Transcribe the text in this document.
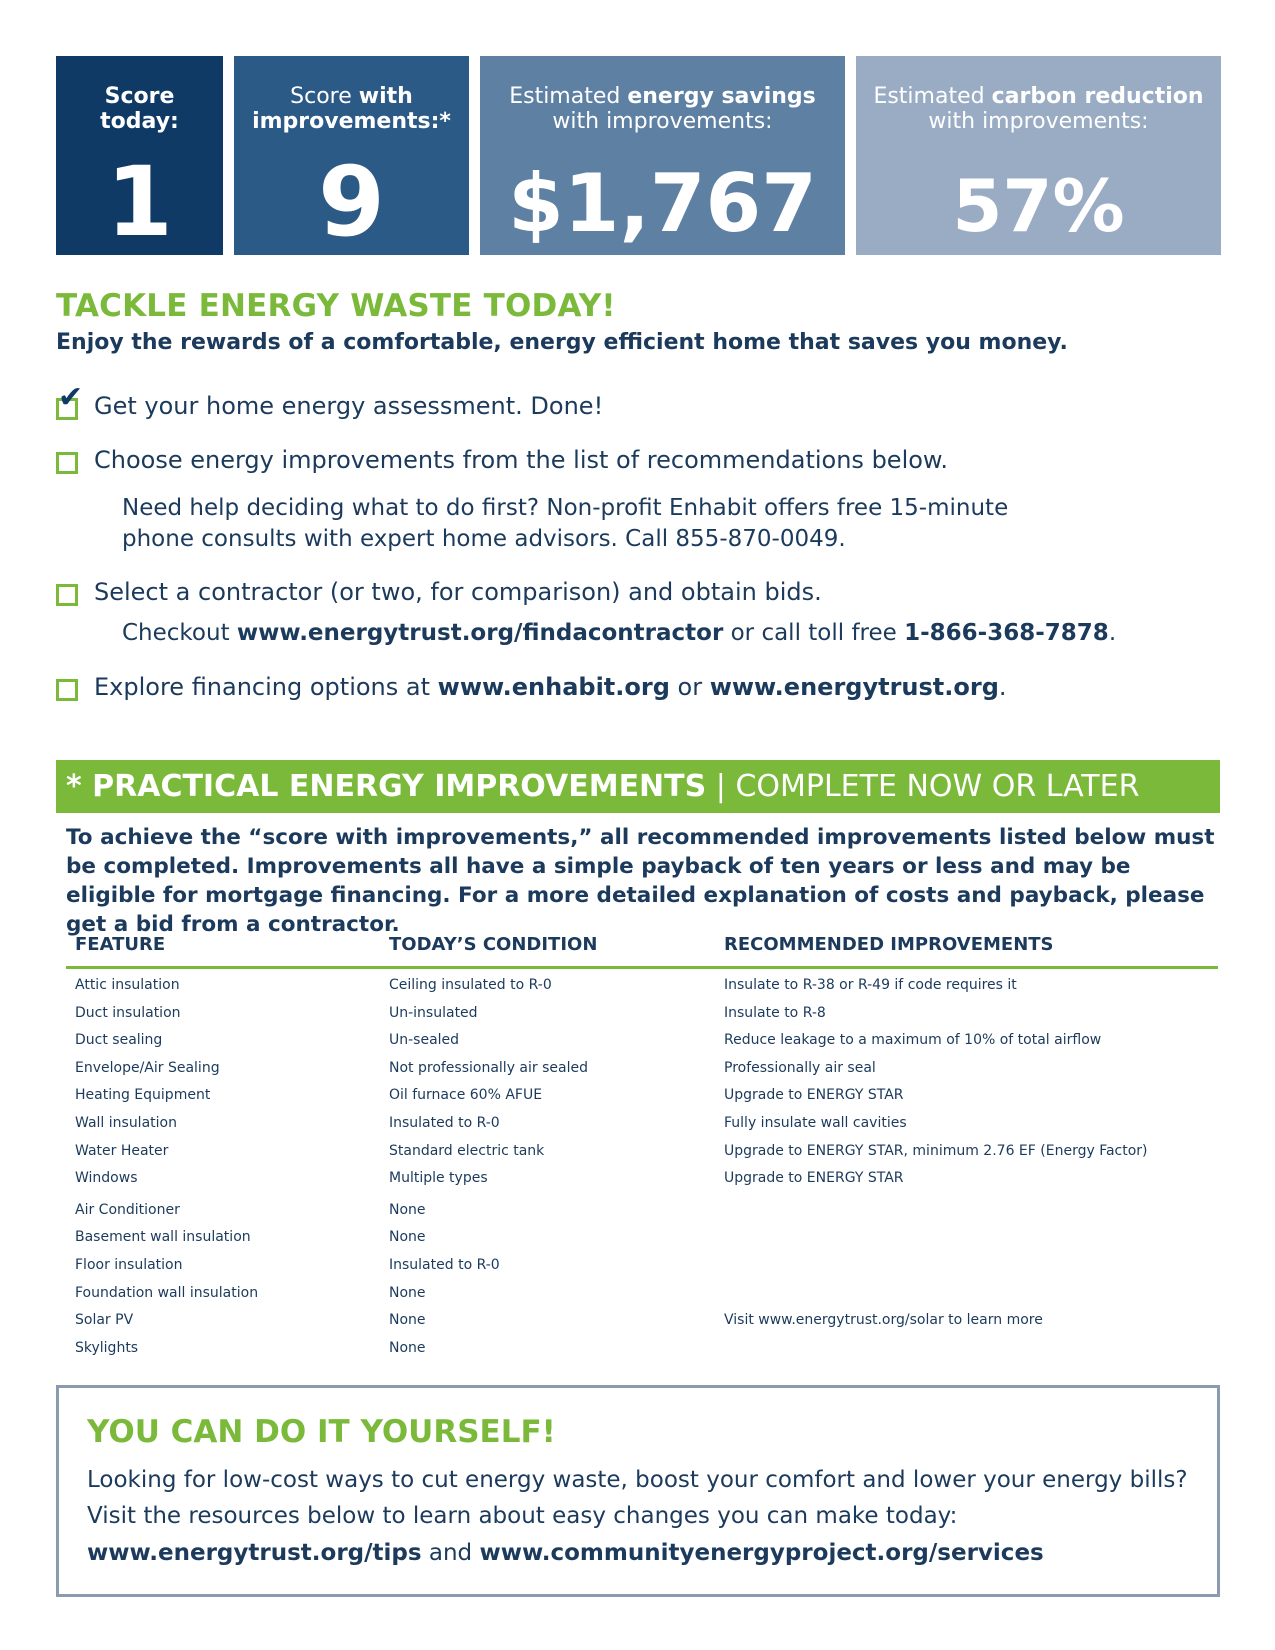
Score today:
1
Score with improvements:*
9
Estimated energy savings
with improvements:
$1,767
Estimated carbon reduction
with improvements:
57%
TACKLE ENERGY WASTE TODAY!
Enjoy the rewards of a comfortable, energy efficient home that saves you money.
✔ Get your home energy assessment. Done!
Choose energy improvements from the list of recommendations below.
Need help deciding what to do first? Non-profit Enhabit offers free 15-minute
phone consults with expert home advisors. Call 855-870-0049.
Select a contractor (or two, for comparison) and obtain bids.
Checkout www.energytrust.org/findacontractor or call toll free 1-866-368-7878.
Explore financing options at www.enhabit.org or www.energytrust.org.
* PRACTICAL ENERGY IMPROVEMENTS | COMPLETE NOW OR LATER
To achieve the “score with improvements,” all recommended improvements listed below must be completed. Improvements all have a simple payback of ten years or less and may be eligible for mortgage financing. For a more detailed explanation of costs and payback, please get a bid from a contractor.
FEATURE	TODAY’S CONDITION	RECOMMENDED IMPROVEMENTS
Attic insulation	Ceiling insulated to R-0	Insulate to R-38 or R-49 if code requires it
Duct insulation	Un-insulated	Insulate to R-8
Duct sealing	Un-sealed	Reduce leakage to a maximum of 10% of total airflow
Envelope/Air Sealing	Not professionally air sealed	Professionally air seal
Heating Equipment	Oil furnace 60% AFUE	Upgrade to ENERGY STAR
Wall insulation	Insulated to R-0	Fully insulate wall cavities
Water Heater	Standard electric tank	Upgrade to ENERGY STAR, minimum 2.76 EF (Energy Factor)
Windows	Multiple types	Upgrade to ENERGY STAR
Air Conditioner	None
Basement wall insulation	None
Floor insulation	Insulated to R-0
Foundation wall insulation	None
Solar PV	None	Visit www.energytrust.org/solar to learn more
Skylights	None
YOU CAN DO IT YOURSELF!
Looking for low-cost ways to cut energy waste, boost your comfort and lower your energy bills?
Visit the resources below to learn about easy changes you can make today:
www.energytrust.org/tips and www.communityenergyproject.org/services
